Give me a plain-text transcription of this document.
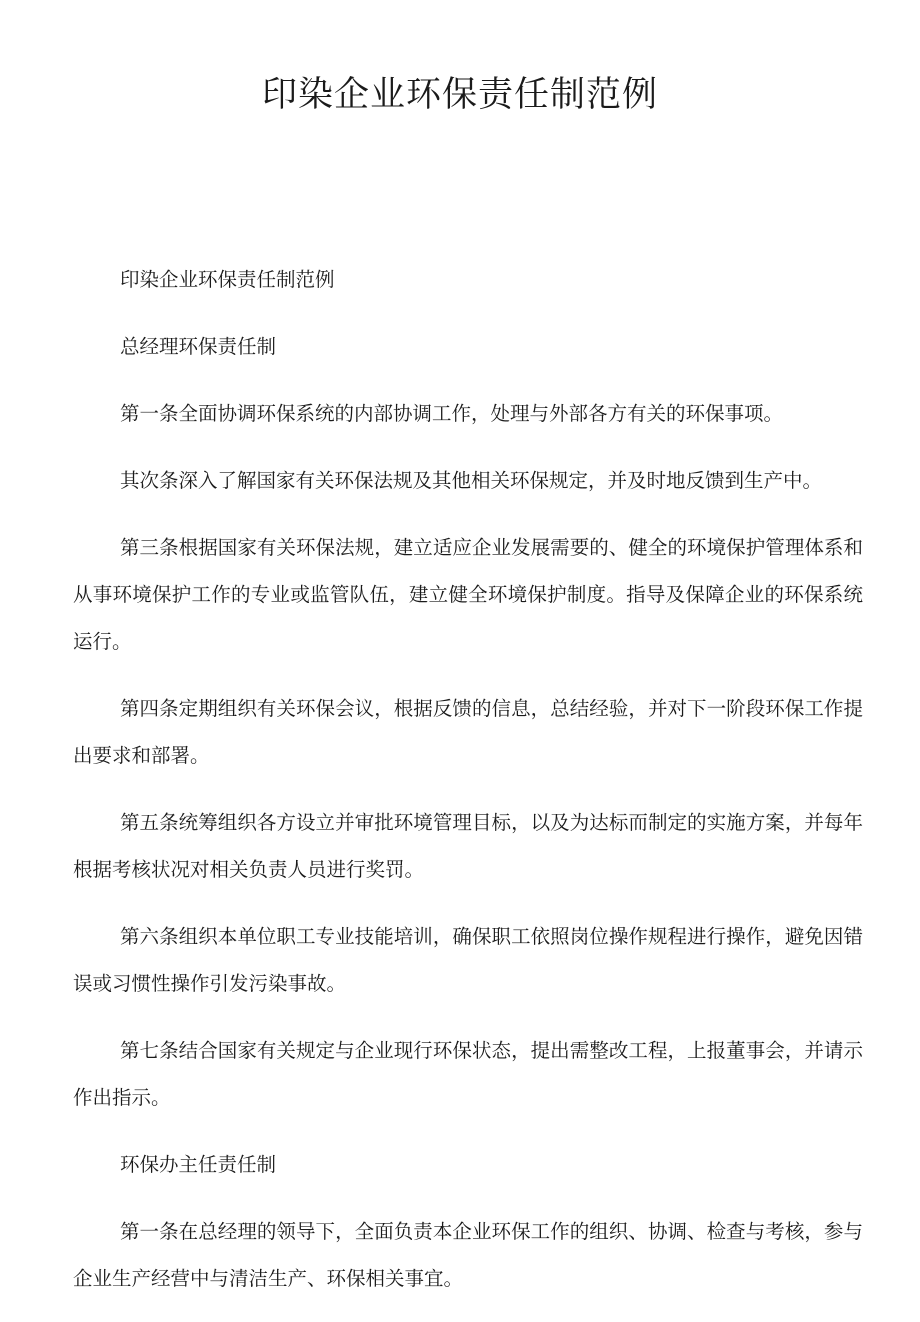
印染企业环保责任制范例

印染企业环保责任制范例

总经理环保责任制

第一条全面协调环保系统的内部协调工作，处理与外部各方有关的环保事项。

其次条深入了解国家有关环保法规及其他相关环保规定，并及时地反馈到生产中。

第三条根据国家有关环保法规，建立适应企业发展需要的、健全的环境保护管理体系和从事环境保护工作的专业或监管队伍，建立健全环境保护制度。指导及保障企业的环保系统运行。

第四条定期组织有关环保会议，根据反馈的信息，总结经验，并对下一阶段环保工作提出要求和部署。

第五条统筹组织各方设立并审批环境管理目标，以及为达标而制定的实施方案，并每年根据考核状况对相关负责人员进行奖罚。

第六条组织本单位职工专业技能培训，确保职工依照岗位操作规程进行操作，避免因错误或习惯性操作引发污染事故。

第七条结合国家有关规定与企业现行环保状态，提出需整改工程，上报董事会，并请示作出指示。

环保办主任责任制

第一条在总经理的领导下，全面负责本企业环保工作的组织、协调、检查与考核，参与企业生产经营中与清洁生产、环保相关事宜。
